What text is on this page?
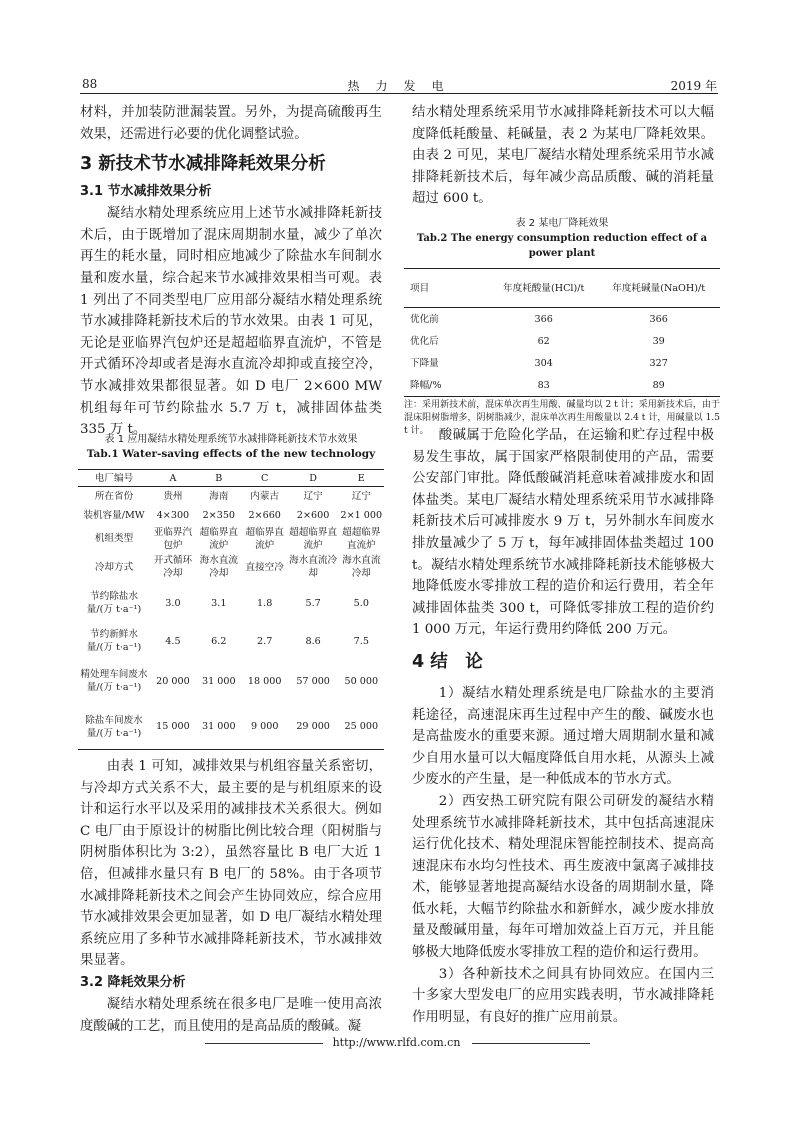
88	热　力　发　电	2019 年

材料，并加装防泄漏装置。另外，为提高硫酸再生效果，还需进行必要的优化调整试验。

3 新技术节水减排降耗效果分析
3.1 节水减排效果分析

凝结水精处理系统应用上述节水减排降耗新技术后，由于既增加了混床周期制水量，减少了单次再生的耗水量，同时相应地减少了除盐水车间制水量和废水量，综合起来节水减排效果相当可观。表 1 列出了不同类型电厂应用部分凝结水精处理系统节水减排降耗新技术后的节水效果。由表 1 可见，无论是亚临界汽包炉还是超超临界直流炉，不管是开式循环冷却或者是海水直流冷却抑或直接空冷，节水减排效果都很显著。如 D 电厂 2×600 MW 机组每年可节约除盐水 5.7 万 t，减排固体盐类 335 万 t。

表 1 应用凝结水精处理系统节水减排降耗新技术节水效果
Tab.1 Water-saving effects of the new technology
电厂编号	A	B	C	D	E
所在省份	贵州	海南	内蒙古	辽宁	辽宁
装机容量/MW	4×300	2×350	2×660	2×600	2×1 000
机组类型	亚临界汽包炉	超临界直流炉	超临界直流炉	超超临界直流炉	超超临界直流炉
冷却方式	开式循环冷却	海水直流冷却	直接空冷	海水直流冷却	海水直流冷却
节约除盐水量/(万 t·a⁻¹)	3.0	3.1	1.8	5.7	5.0
节约新鲜水量/(万 t·a⁻¹)	4.5	6.2	2.7	8.6	7.5
精处理车间废水量/(万 t·a⁻¹)	20 000	31 000	18 000	57 000	50 000
除盐车间废水量/(万 t·a⁻¹)	15 000	31 000	9 000	29 000	25 000

由表 1 可知，减排效果与机组容量关系密切，与冷却方式关系不大，最主要的是与机组原来的设计和运行水平以及采用的减排技术关系很大。例如 C 电厂由于原设计的树脂比例比较合理（阳树脂与阴树脂体积比为 3:2），虽然容量比 B 电厂大近 1 倍，但减排水量只有 B 电厂的 58%。由于各项节水减排降耗新技术之间会产生协同效应，综合应用节水减排效果会更加显著，如 D 电厂凝结水精处理系统应用了多种节水减排降耗新技术，节水减排效果显著。

3.2 降耗效果分析

凝结水精处理系统在很多电厂是唯一使用高浓度酸碱的工艺，而且使用的是高品质的酸碱。凝

结水精处理系统采用节水减排降耗新技术可以大幅度降低耗酸量、耗碱量，表 2 为某电厂降耗效果。由表 2 可见，某电厂凝结水精处理系统采用节水减排降耗新技术后，每年减少高品质酸、碱的消耗量超过 600 t。

表 2 某电厂降耗效果
Tab.2 The energy consumption reduction effect of a power plant
项目	年度耗酸量(HCl)/t	年度耗碱量(NaOH)/t
优化前	366	366
优化后	62	39
下降量	304	327
降幅/%	83	89
注：采用新技术前，混床单次再生用酸、碱量均以 2 t 计；采用新技术后，由于混床阳树脂增多，阴树脂减少，混床单次再生用酸量以 2.4 t 计，用碱量以 1.5 t 计。 酸碱属于危险化学品，在运输和贮存过程中极易发生事故，属于国家严格限制使用的产品，需要公安部门审批。降低酸碱消耗意味着减排废水和固体盐类。某电厂凝结水精处理系统采用节水减排降耗新技术后可减排废水 9 万 t，另外制水车间废水排放量减少了 5 万 t，每年减排固体盐类超过 100 t。凝结水精处理系统节水减排降耗新技术能够极大地降低废水零排放工程的造价和运行费用，若全年减排固体盐类 300 t，可降低零排放工程的造价约 1 000 万元，年运行费用约降低 200 万元。

4 结　论

1）凝结水精处理系统是电厂除盐水的主要消耗途径，高速混床再生过程中产生的酸、碱废水也是高盐废水的重要来源。通过增大周期制水量和减少自用水量可以大幅度降低自用水耗，从源头上减少废水的产生量，是一种低成本的节水方式。

2）西安热工研究院有限公司研发的凝结水精处理系统节水减排降耗新技术，其中包括高速混床运行优化技术、精处理混床智能控制技术、提高高速混床布水均匀性技术、再生废液中氯离子减排技术，能够显著地提高凝结水设备的周期制水量，降低水耗，大幅节约除盐水和新鲜水，减少废水排放量及酸碱用量，每年可增加效益上百万元，并且能够极大地降低废水零排放工程的造价和运行费用。

3）各种新技术之间具有协同效应。在国内三十多家大型发电厂的应用实践表明，节水减排降耗作用明显，有良好的推广应用前景。

http://www.rlfd.com.cn
